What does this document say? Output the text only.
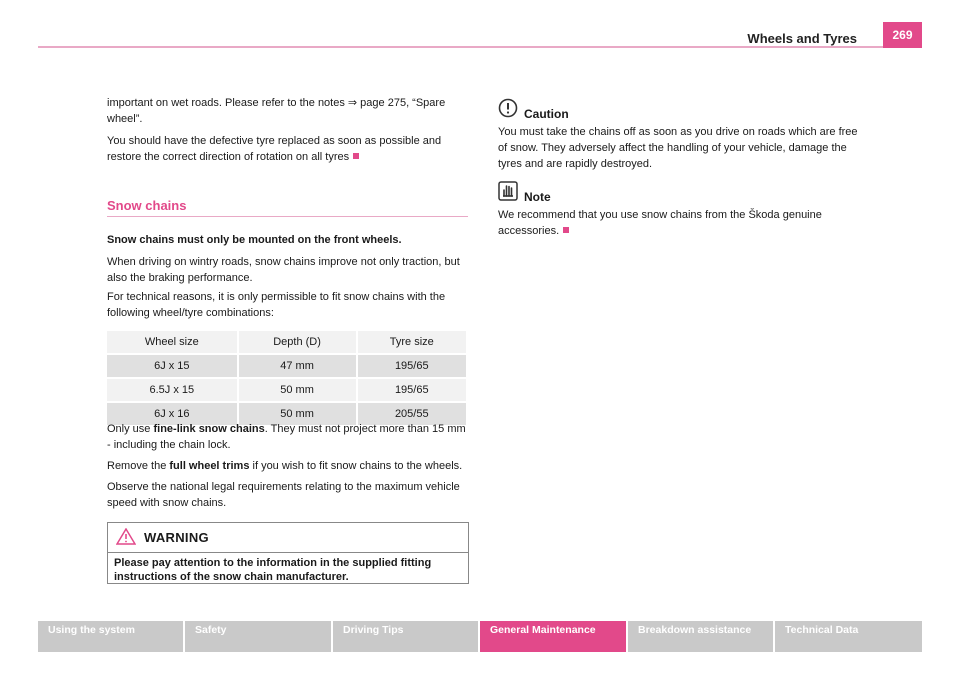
Wheels and Tyres	269

important on wet roads. Please refer to the notes ⇒ page 275, “Spare wheel”.

You should have the defective tyre replaced as soon as possible and restore the correct direction of rotation on all tyres

Snow chains
Snow chains must only be mounted on the front wheels.

When driving on wintry roads, snow chains improve not only traction, but also the braking performance.

For technical reasons, it is only permissible to fit snow chains with the following wheel/tyre combinations:

Wheel size	Depth (D)	Tyre size
6J x 15	47 mm	195/65
6.5J x 15	50 mm	195/65
6J x 16	50 mm	205/55

Only use fine-link snow chains. They must not project more than 15 mm - including the chain lock.

Remove the full wheel trims if you wish to fit snow chains to the wheels.

Observe the national legal requirements relating to the maximum vehicle speed with snow chains.

WARNING
Please pay attention to the information in the supplied fitting instructions of the snow chain manufacturer.
Caution

You must take the chains off as soon as you drive on roads which are free of snow. They adversely affect the handling of your vehicle, damage the tyres and are rapidly destroyed.

Note

We recommend that you use snow chains from the Škoda genuine accessories.

Using the system	Safety	Driving Tips	General Maintenance	Breakdown assistance	Technical Data
